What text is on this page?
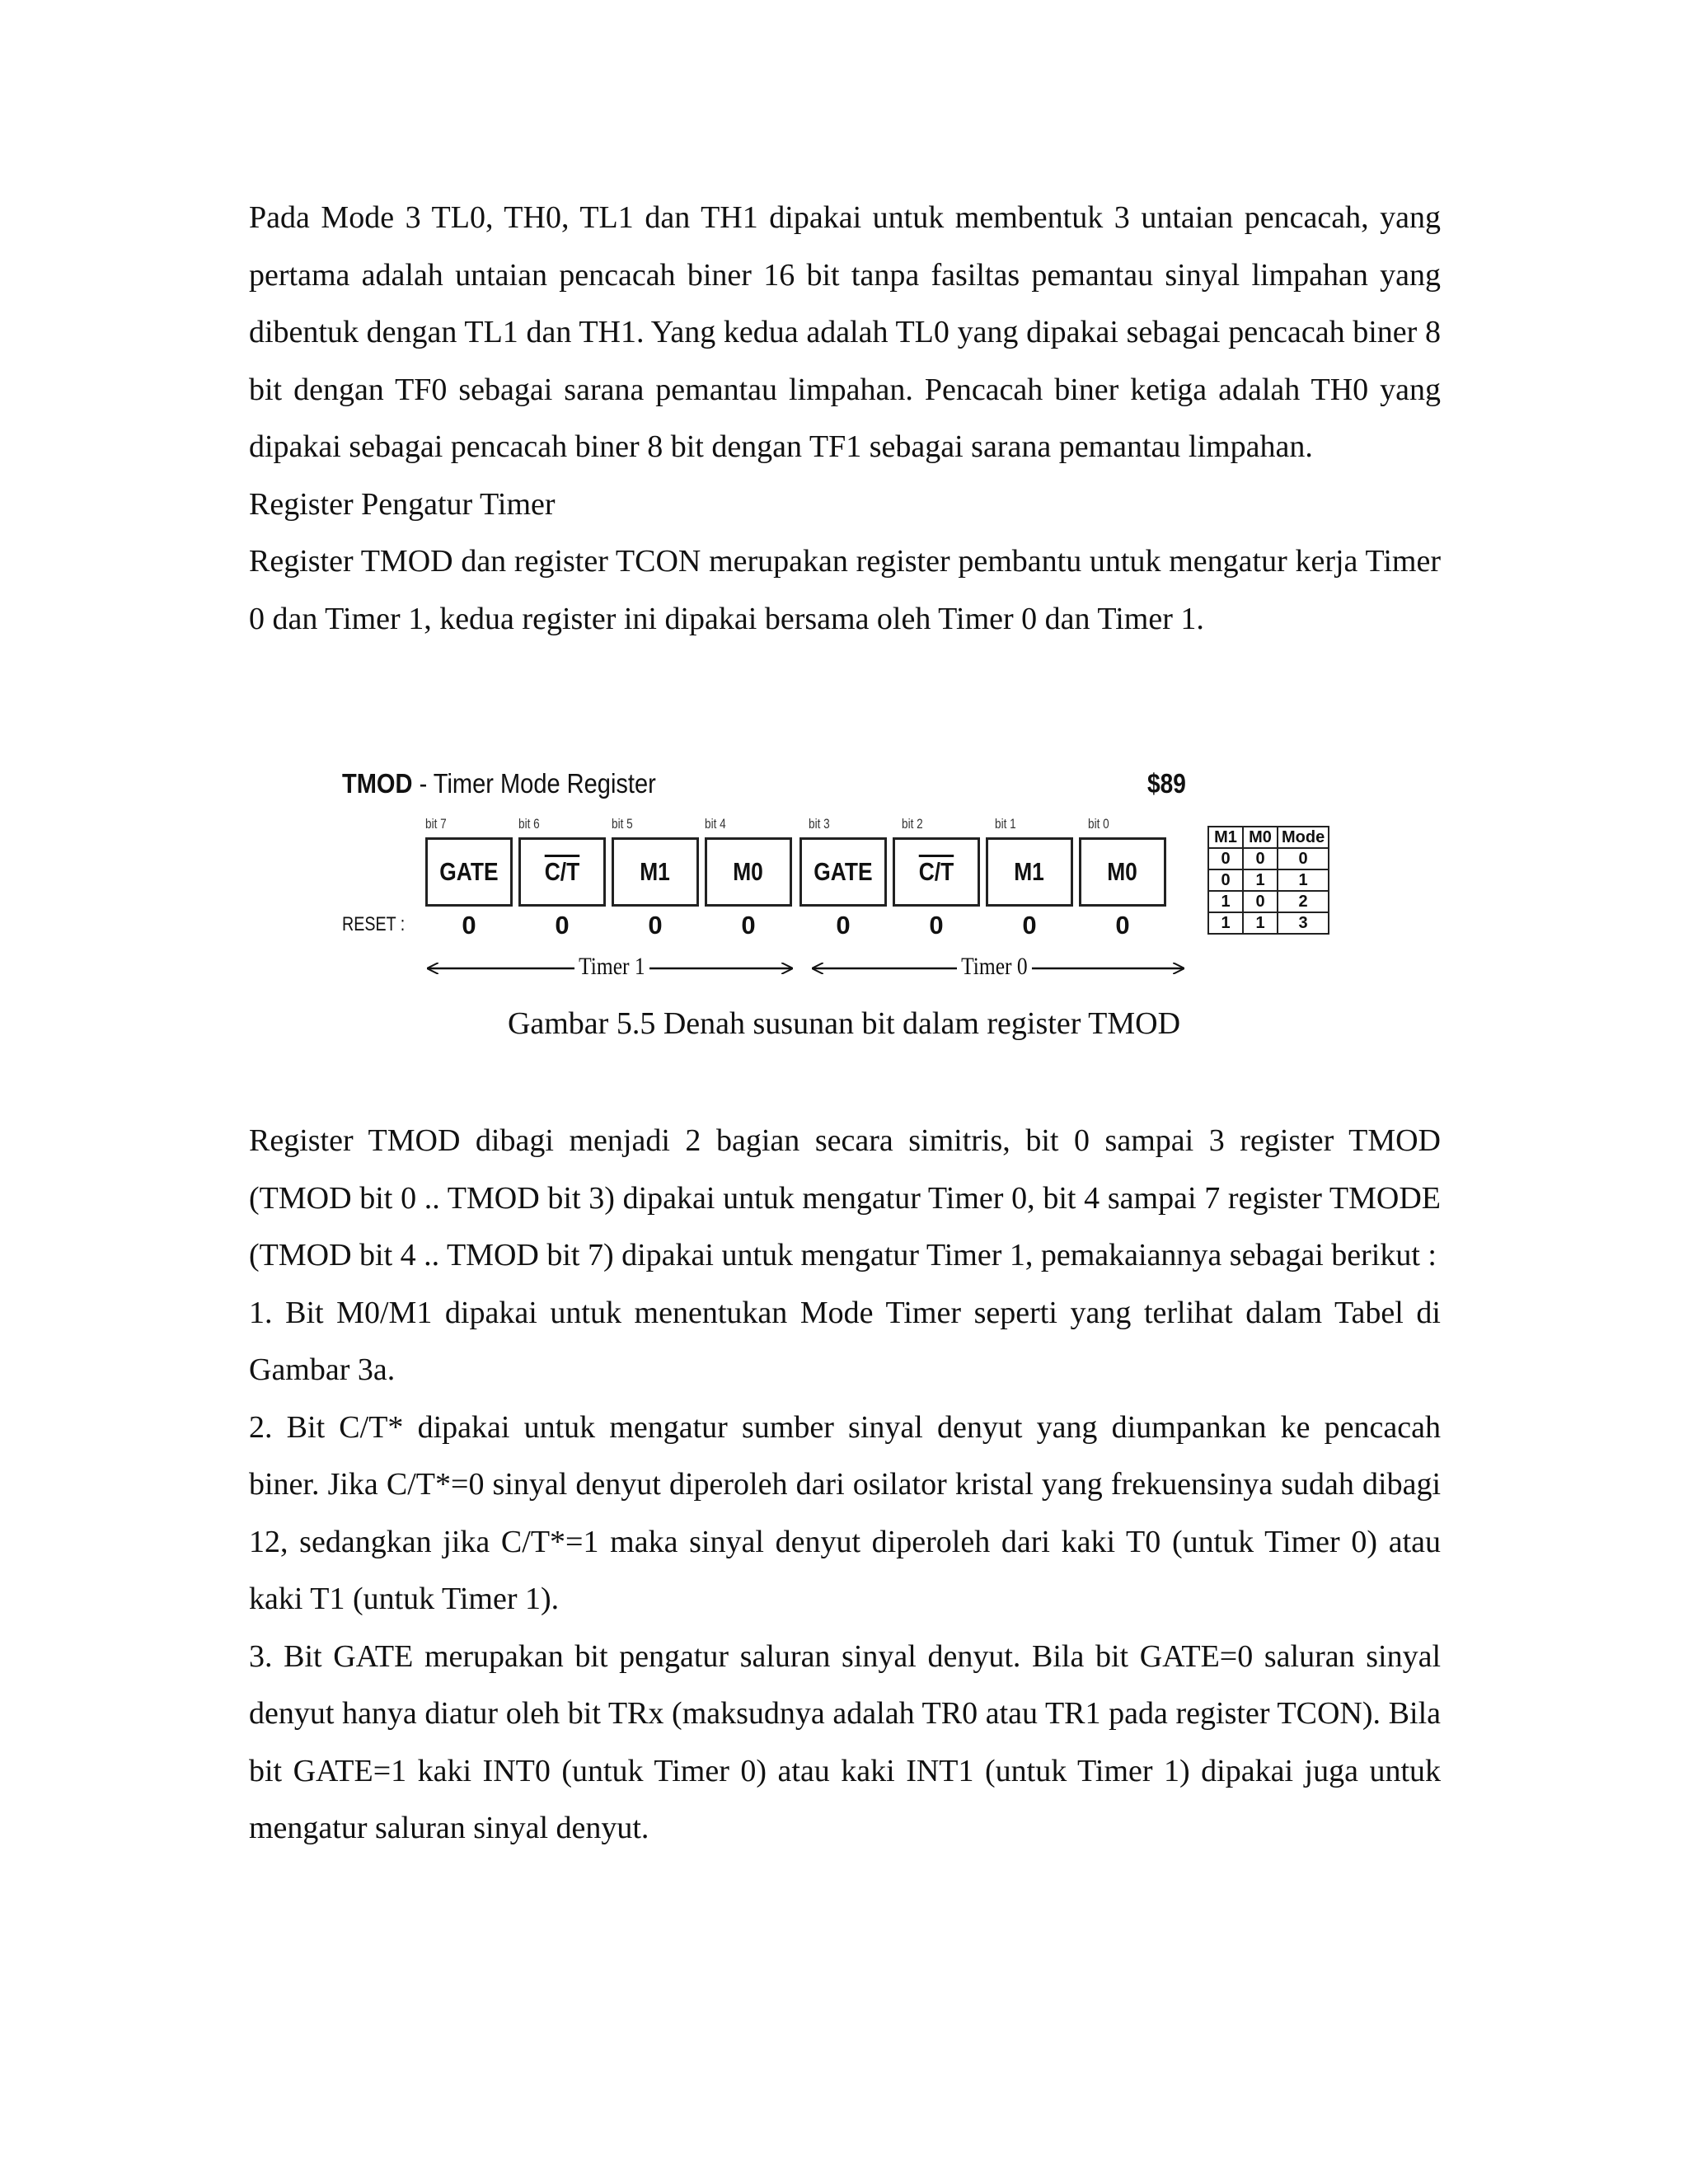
Pada Mode 3 TL0, TH0, TL1 dan TH1 dipakai untuk membentuk 3 untaian pencacah, yang pertama adalah untaian pencacah biner 16 bit tanpa fasiltas pemantau sinyal limpahan yang dibentuk dengan TL1 dan TH1. Yang kedua adalah TL0 yang dipakai sebagai pencacah biner 8 bit dengan TF0 sebagai sarana pemantau limpahan. Pencacah biner ketiga adalah TH0 yang dipakai sebagai pencacah biner 8 bit dengan TF1 sebagai sarana pemantau limpahan.

Register Pengatur Timer

Register TMOD dan register TCON merupakan register pembantu untuk mengatur kerja Timer 0 dan Timer 1, kedua register ini dipakai bersama oleh Timer 0 dan Timer 1.

TMOD - Timer Mode Register	$89
bit 7	bit 6	bit 5	bit 4	bit 3	bit 2	bit 1	bit 0
GATE C/T M1 M0 GATE C/T M1 M0
RESET :	0	0	0	0	0	0	0	0
Timer 1	Timer 0
M1	M0	Mode
0	0	0
0	1	1
1	0	2
1	1	3
Gambar 5.5 Denah susunan bit dalam register TMOD

Register TMOD dibagi menjadi 2 bagian secara simitris, bit 0 sampai 3 register TMOD (TMOD bit 0 .. TMOD bit 3) dipakai untuk mengatur Timer 0, bit 4 sampai 7 register TMODE (TMOD bit 4 .. TMOD bit 7) dipakai untuk mengatur Timer 1, pemakaiannya sebagai berikut :

1. Bit M0/M1 dipakai untuk menentukan Mode Timer seperti yang terlihat dalam Tabel di Gambar 3a.

2. Bit C/T* dipakai untuk mengatur sumber sinyal denyut yang diumpankan ke pencacah biner. Jika C/T*=0 sinyal denyut diperoleh dari osilator kristal yang frekuensinya sudah dibagi 12, sedangkan jika C/T*=1 maka sinyal denyut diperoleh dari kaki T0 (untuk Timer 0) atau kaki T1 (untuk Timer 1).

3. Bit GATE merupakan bit pengatur saluran sinyal denyut. Bila bit GATE=0 saluran sinyal denyut hanya diatur oleh bit TRx (maksudnya adalah TR0 atau TR1 pada register TCON). Bila bit GATE=1 kaki INT0 (untuk Timer 0) atau kaki INT1 (untuk Timer 1) dipakai juga untuk mengatur saluran sinyal denyut.
